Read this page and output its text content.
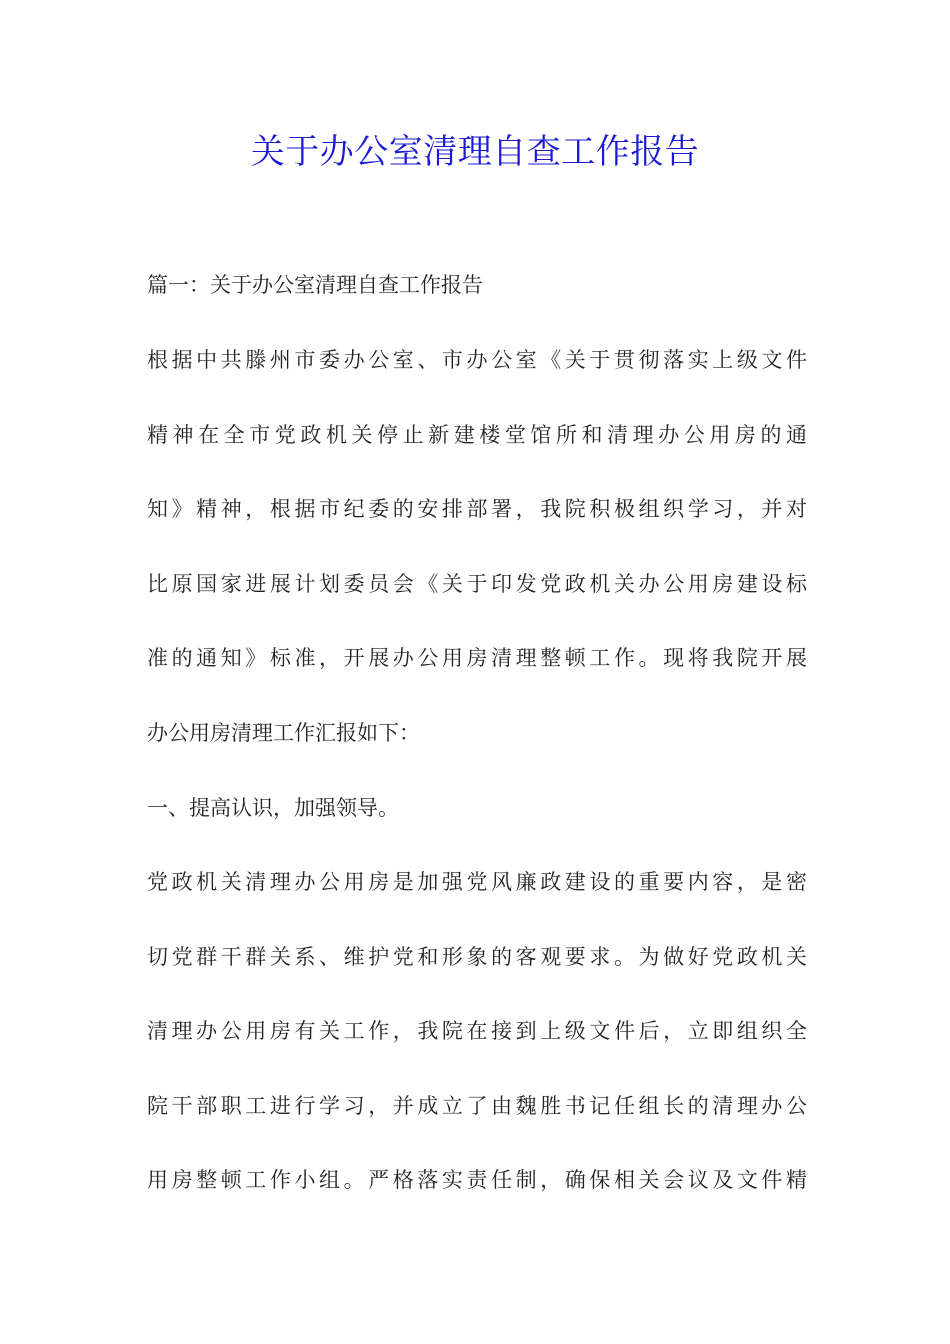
关于办公室清理自查工作报告

篇一：关于办公室清理自查工作报告

根据中共滕州市委办公室、市办公室《关于贯彻落实上级文件

精神在全市党政机关停止新建楼堂馆所和清理办公用房的通

知》精神，根据市纪委的安排部署，我院积极组织学习，并对

比原国家进展计划委员会《关于印发党政机关办公用房建设标

准的通知》标准，开展办公用房清理整顿工作。现将我院开展

办公用房清理工作汇报如下：

一、提高认识，加强领导。

党政机关清理办公用房是加强党风廉政建设的重要内容，是密

切党群干群关系、维护党和形象的客观要求。为做好党政机关

清理办公用房有关工作，我院在接到上级文件后，立即组织全

院干部职工进行学习，并成立了由魏胜书记任组长的清理办公

用房整顿工作小组。严格落实责任制，确保相关会议及文件精
